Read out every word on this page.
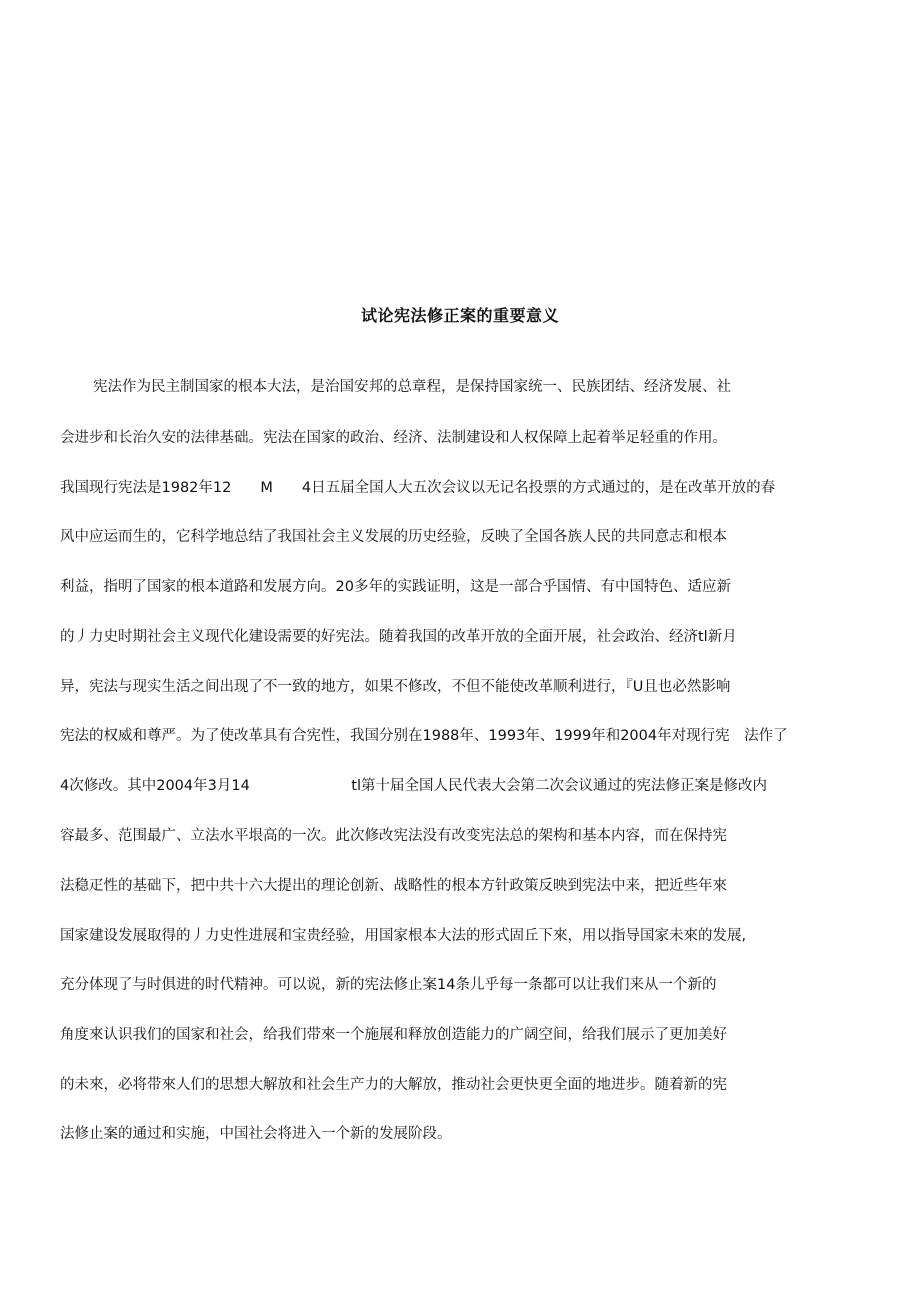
试论宪法修正案的重要意义
宪法作为民主制国家的根本大法，是治国安邦的总章程，是保持国家统一、民族团结、经济发展、社
会进步和长治久安的法律基础。宪法在国家的政治、经济、法制建设和人权保障上起着举足轻重的作用。
我国现行宪法是1982年12　　M　　4日五届全国人大五次会议以无记名投票的方式通过的，是在改革开放的春
风中应运而生的，它科学地总结了我国社会主义发展的历史经验，反映了全国各族人民的共同意志和根本
利益，指明了国家的根本道路和发展方向。20多年的实践证明，这是一部合乎国情、有中国特色、适应新
的丿力史时期社会主义现代化建设需要的好宪法。随着我国的改革开放的全面开展，社会政治、经济tl新月
异，宪法与现实生活之间出现了不一致的地方，如果不修改，不但不能使改革顺利进行，『U且也必然影响
宪法的权威和尊严。为了使改革具有合宪性，我国分别在1988年、1993年、1999年和2004年对现行宪　法作了
4次修改。其中2004年3月14　　　　　　　tl第十届全国人民代表大会第二次会议通过的宪法修正案是修改内
容最多、范围最广、立法水平垠高的一次。此次修改宪法没有改变宪法总的架构和基本内容，而在保持宪
法稳疋性的基础下，把中共十六大提出的理论创新、战略性的根本方针政策反映到宪法中来，把近些年來
国家建设发展取得的丿力史性进展和宝贵经验，用国家根本大法的形式固丘下來，用以指导国家未來的发展,
充分体现了与时俱进的时代精神。可以说，新的宪法修止案14条儿乎每一条都可以让我们来从一个新的
角度來认识我们的国家和社会，给我们带來一个施展和释放创造能力的广阔空间，给我们展示了更加美好
的未來，必将带來人们的思想大解放和社会生产力的大解放，推动社会更快更全面的地进步。随着新的宪
法修止案的通过和实施，中国社会将进入一个新的发展阶段。
